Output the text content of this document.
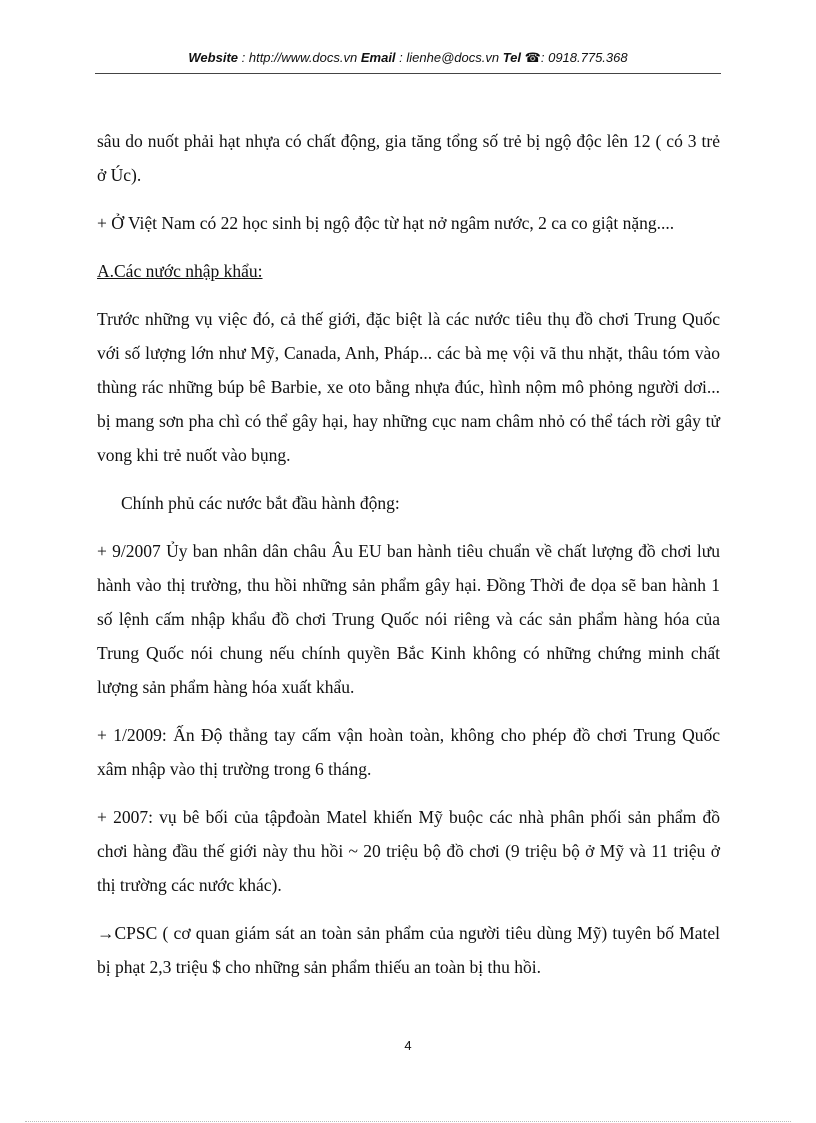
Website : http://www.docs.vn Email : lienhe@docs.vn Tel ☎: 0918.775.368

sâu do nuốt phải hạt nhựa có chất động, gia tăng tổng số trẻ bị ngộ độc lên 12 ( có 3 trẻ ở Úc).

+ Ở Việt Nam có 22 học sinh bị ngộ độc từ hạt nở ngâm nước, 2 ca co giật nặng....

A.Các nước nhập khẩu:

Trước những vụ việc đó, cả thế giới, đặc biệt là các nước tiêu thụ đồ chơi Trung Quốc với số lượng lớn như Mỹ, Canada, Anh, Pháp... các bà mẹ vội vã thu nhặt, thâu tóm vào thùng rác những búp bê Barbie, xe oto bằng nhựa đúc, hình nộm mô phỏng người dơi... bị mang sơn pha chì có thể gây hại, hay những cục nam châm nhỏ có thể tách rời gây tử vong khi trẻ nuốt vào bụng.

Chính phủ các nước bắt đầu hành động:

+ 9/2007 Ủy ban nhân dân châu Âu EU ban hành tiêu chuẩn về chất lượng đồ chơi lưu hành vào thị trường, thu hồi những sản phẩm gây hại. Đồng Thời đe dọa sẽ ban hành 1 số lệnh cấm nhập khẩu đồ chơi Trung Quốc nói riêng và các sản phẩm hàng hóa của Trung Quốc nói chung nếu chính quyền Bắc Kinh không có những chứng minh chất lượng sản phẩm hàng hóa xuất khẩu.

+ 1/2009: Ấn Độ thẳng tay cấm vận hoàn toàn, không cho phép đồ chơi Trung Quốc xâm nhập vào thị trường trong 6 tháng.

+ 2007: vụ bê bối của tậpđoàn Matel khiến Mỹ buộc các nhà phân phối sản phẩm đồ chơi hàng đầu thế giới này thu hồi ~ 20 triệu bộ đồ chơi (9 triệu bộ ở Mỹ và 11 triệu ở thị trường các nước khác).

→CPSC ( cơ quan giám sát an toàn sản phẩm của người tiêu dùng Mỹ) tuyên bố Matel bị phạt 2,3 triệu $ cho những sản phẩm thiếu an toàn bị thu hồi.

4
